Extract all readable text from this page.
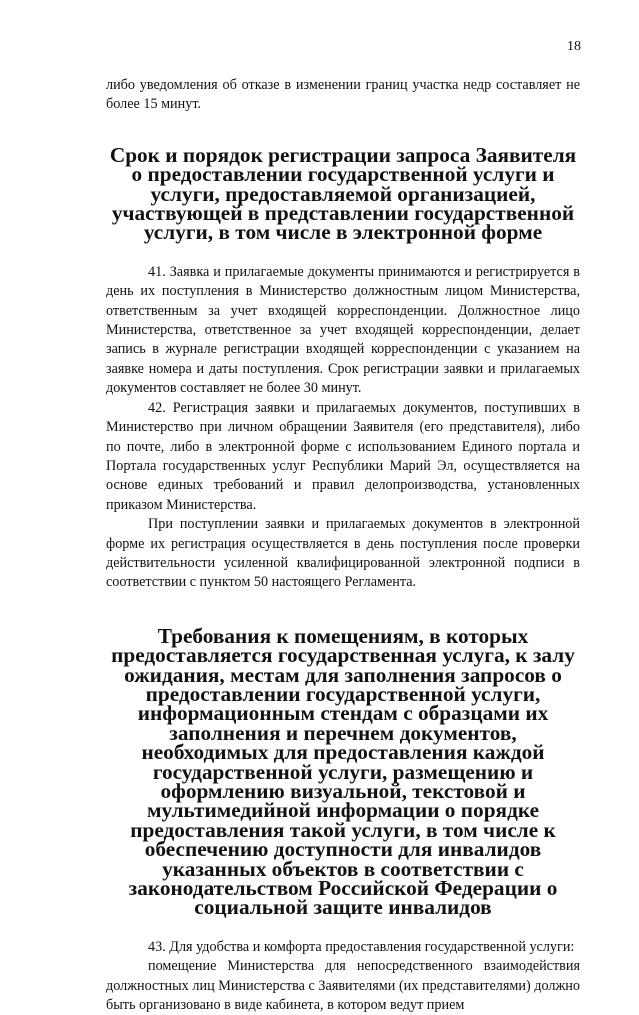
18

либо уведомления об отказе в изменении границ участка недр составляет не более 15 минут.

Срок и порядок регистрации запроса Заявителя о предоставлении государственной услуги и услуги, предоставляемой организацией, участвующей в представлении государственной услуги, в том числе в электронной форме

41. Заявка и прилагаемые документы принимаются и регистрируется в день их поступления в Министерство должностным лицом Министерства, ответственным за учет входящей корреспонденции. Должностное лицо Министерства, ответственное за учет входящей корреспонденции, делает запись в журнале регистрации входящей корреспонденции с указанием на заявке номера и даты поступления. Срок регистрации заявки и прилагаемых документов составляет не более 30 минут.

42. Регистрация заявки и прилагаемых документов, поступивших в Министерство при личном обращении Заявителя (его представителя), либо по почте, либо в электронной форме с использованием Единого портала и Портала государственных услуг Республики Марий Эл, осуществляется на основе единых требований и правил делопроизводства, установленных приказом Министерства.

При поступлении заявки и прилагаемых документов в электронной форме их регистрация осуществляется в день поступления после проверки действительности усиленной квалифицированной электронной подписи в соответствии с пунктом 50 настоящего Регламента.

Требования к помещениям, в которых предоставляется государственная услуга, к залу ожидания, местам для заполнения запросов о предоставлении государственной услуги, информационным стендам с образцами их заполнения и перечнем документов, необходимых для предоставления каждой государственной услуги, размещению и оформлению визуальной, текстовой и мультимедийной информации о порядке предоставления такой услуги, в том числе к обеспечению доступности для инвалидов указанных объектов в соответствии с законодательством Российской Федерации о социальной защите инвалидов

43. Для удобства и комфорта предоставления государственной услуги:

помещение Министерства для непосредственного взаимодействия должностных лиц Министерства с Заявителями (их представителями) должно быть организовано в виде кабинета, в котором ведут прием
